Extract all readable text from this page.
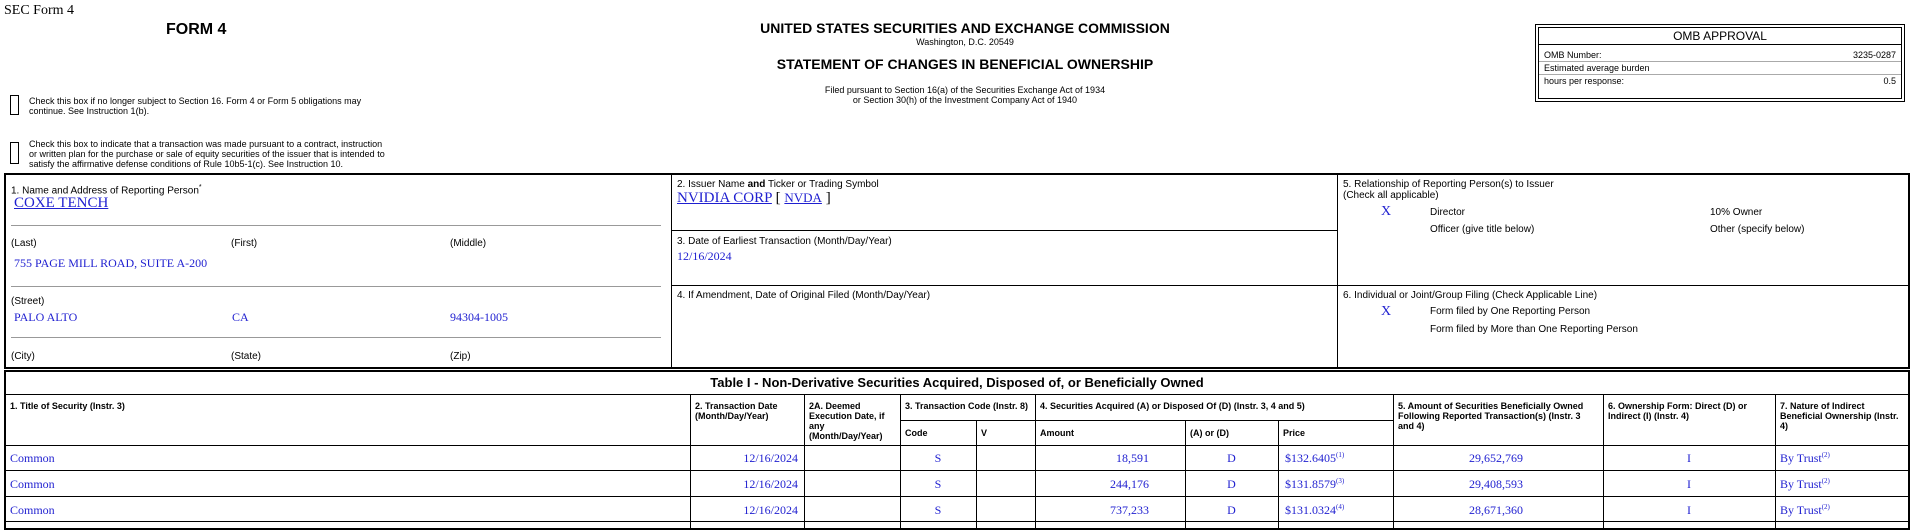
SEC Form 4
FORM 4	UNITED STATES SECURITIES AND EXCHANGE COMMISSION
Washington, D.C. 20549
STATEMENT OF CHANGES IN BENEFICIAL OWNERSHIP
Filed pursuant to Section 16(a) of the Securities Exchange Act of 1934
or Section 30(h) of the Investment Company Act of 1940
OMB APPROVAL
OMB Number:	3235-0287
Estimated average burden
hours per response:	0.5
Check this box if no longer subject to Section 16. Form 4 or Form 5 obligations may
continue. See Instruction 1(b).
Check this box to indicate that a transaction was made pursuant to a contract, instruction
or written plan for the purchase or sale of equity securities of the issuer that is intended to
satisfy the affirmative defense conditions of Rule 10b5-1(c). See Instruction 10.
1. Name and Address of Reporting Person*
COXE TENCH
(Last)	(First)	(Middle)
755 PAGE MILL ROAD, SUITE A-200
(Street)
PALO ALTO	CA	94304-1005
(City)	(State)	(Zip)
2. Issuer Name and Ticker or Trading Symbol
NVIDIA CORP [ NVDA ]
3. Date of Earliest Transaction (Month/Day/Year)
12/16/2024
4. If Amendment, Date of Original Filed (Month/Day/Year)
5. Relationship of Reporting Person(s) to Issuer
(Check all applicable)
X	Director	10% Owner
Officer (give title below)	Other (specify below)
6. Individual or Joint/Group Filing (Check Applicable Line)
X	Form filed by One Reporting Person
Form filed by More than One Reporting Person
Table I - Non-Derivative Securities Acquired, Disposed of, or Beneficially Owned
1. Title of Security (Instr. 3)	2. Transaction Date (Month/Day/Year)
2A. Deemed Execution Date, if any (Month/Day/Year)
3. Transaction Code (Instr. 8)
Code	V
4. Securities Acquired (A) or Disposed Of (D) (Instr. 3, 4 and 5)
Amount	(A) or (D)	Price
5. Amount of Securities Beneficially Owned Following Reported Transaction(s) (Instr. 3 and 4)
6. Ownership Form: Direct (D) or Indirect (I) (Instr. 4)
7. Nature of Indirect Beneficial Ownership (Instr. 4)
Common	12/16/2024	S	18,591	D	$132.6405$^{(1)}$	29,652,769	I	By Trust$^{(2)}$
Common	12/16/2024	S	244,176	D	$131.8579$^{(3)}$	29,408,593	I	By Trust$^{(2)}$
Common	12/16/2024	S	737,233	D	$131.0324$^{(4)}$	28,671,360	I	By Trust$^{(2)}$
